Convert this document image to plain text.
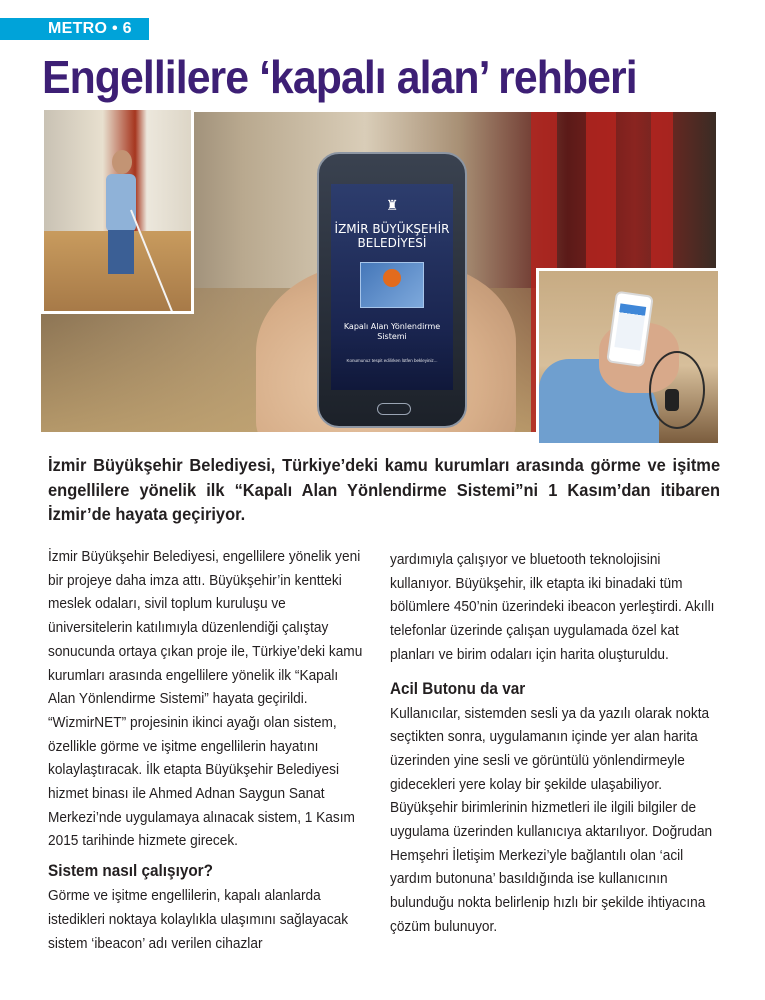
METRO • 6
Engellilere ‘kapalı alan’ rehberi
♜
İZMİR BÜYÜKŞEHİR BELEDİYESİ
Kapalı Alan Yönlendirme Sistemi
Konumunuz tespit edilirken lütfen bekleyiniz...

İzmir Büyükşehir Belediyesi, Türkiye’deki kamu kurumları arasında görme ve işitme engellilere yönelik ilk “Kapalı Alan Yönlendirme Sistemi”ni 1 Kasım’dan itibaren İzmir’de hayata geçiriyor.

İzmir Büyükşehir Belediyesi, engellilere yönelik yeni bir projeye daha imza attı. Büyükşehir’in kentteki meslek odaları, sivil toplum kuruluşu ve üniversitelerin katılımıyla düzenlendiği çalıştay sonucunda ortaya çıkan proje ile, Türkiye’deki kamu kurumları arasında engellilere yönelik ilk “Kapalı Alan Yönlendirme Sistemi” hayata geçirildi. “WizmirNET” projesinin ikinci ayağı olan sistem, özellikle görme ve işitme engellilerin hayatını kolaylaştıracak. İlk etapta Büyükşehir Belediyesi hizmet binası ile Ahmed Adnan Saygun Sanat Merkezi’nde uygulamaya alınacak sistem, 1 Kasım 2015 tarihinde hizmete girecek.

Sistem nasıl çalışıyor?

Görme ve işitme engellilerin, kapalı alanlarda istedikleri noktaya kolaylıkla ulaşımını sağlayacak sistem ‘ibeacon’ adı verilen cihazlar

yardımıyla çalışıyor ve bluetooth teknolojisini kullanıyor. Büyükşehir, ilk etapta iki binadaki tüm bölümlere 450’nin üzerindeki ibeacon yerleştirdi. Akıllı telefonlar üzerinde çalışan uygulamada özel kat planları ve birim odaları için harita oluşturuldu.

Acil Butonu da var

Kullanıcılar, sistemden sesli ya da yazılı olarak nokta seçtikten sonra, uygulamanın içinde yer alan harita üzerinden yine sesli ve görüntülü yönlendirmeyle gidecekleri yere kolay bir şekilde ulaşabiliyor. Büyükşehir birimlerinin hizmetleri ile ilgili bilgiler de uygulama üzerinden kullanıcıya aktarılıyor. Doğrudan Hemşehri İletişim Merkezi’yle bağlantılı olan ‘acil yardım butonuna’ basıldığında ise kullanıcının bulunduğu nokta belirlenip hızlı bir şekilde ihtiyacına çözüm bulunuyor.
